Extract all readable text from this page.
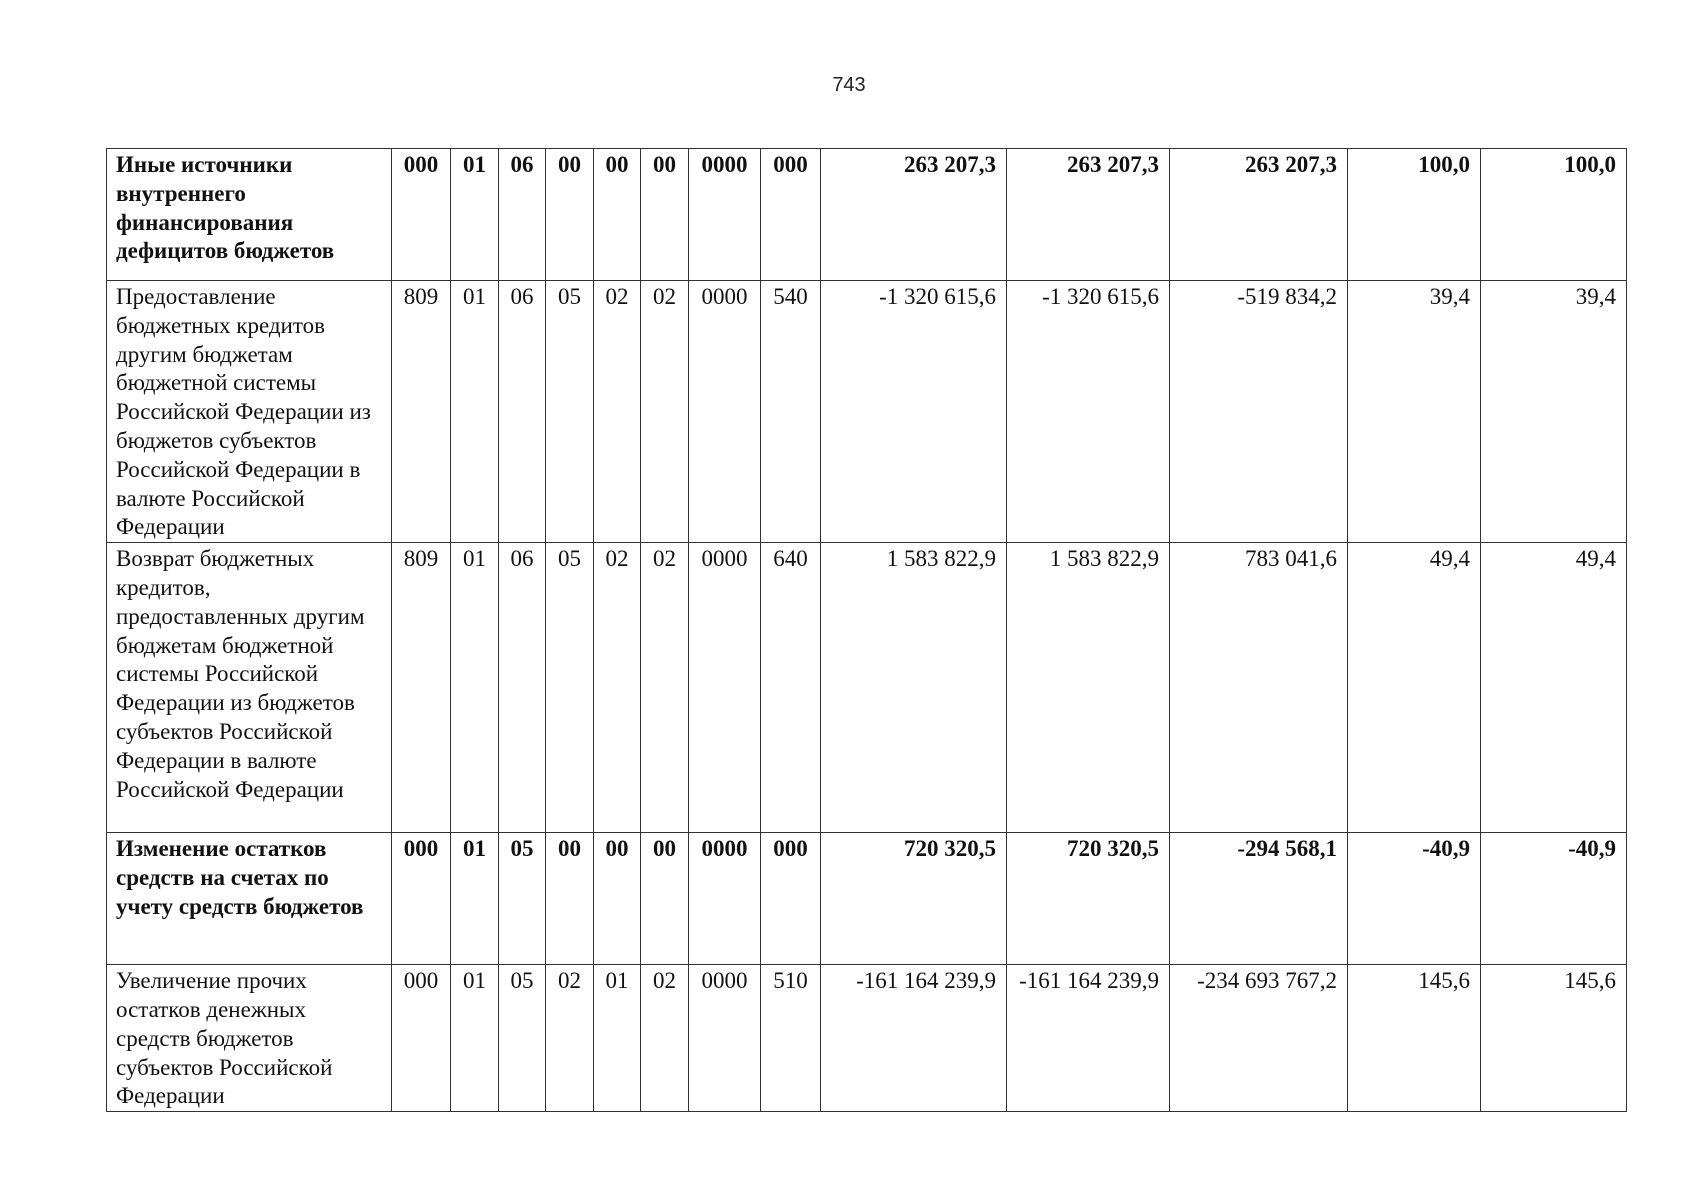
743
Иные источники внутреннего финансирования дефицитов бюджетов	000	01	06	00	00	00	0000	000	263 207,3	263 207,3	263 207,3	100,0	100,0
Предоставление бюджетных кредитов другим бюджетам бюджетной системы Российской Федерации из бюджетов субъектов Российской Федерации в валюте Российской Федерации	809	01	06	05	02	02	0000	540	-1 320 615,6	-1 320 615,6	-519 834,2	39,4	39,4
Возврат бюджетных кредитов, предоставленных другим бюджетам бюджетной системы Российской Федерации из бюджетов субъектов Российской Федерации в валюте Российской Федерации	809	01	06	05	02	02	0000	640	1 583 822,9	1 583 822,9	783 041,6	49,4	49,4
Изменение остатков средств на счетах по учету средств бюджетов	000	01	05	00	00	00	0000	000	720 320,5	720 320,5	-294 568,1	-40,9	-40,9
Увеличение прочих остатков денежных средств бюджетов субъектов Российской Федерации	000	01	05	02	01	02	0000	510	-161 164 239,9	-161 164 239,9	-234 693 767,2	145,6	145,6
